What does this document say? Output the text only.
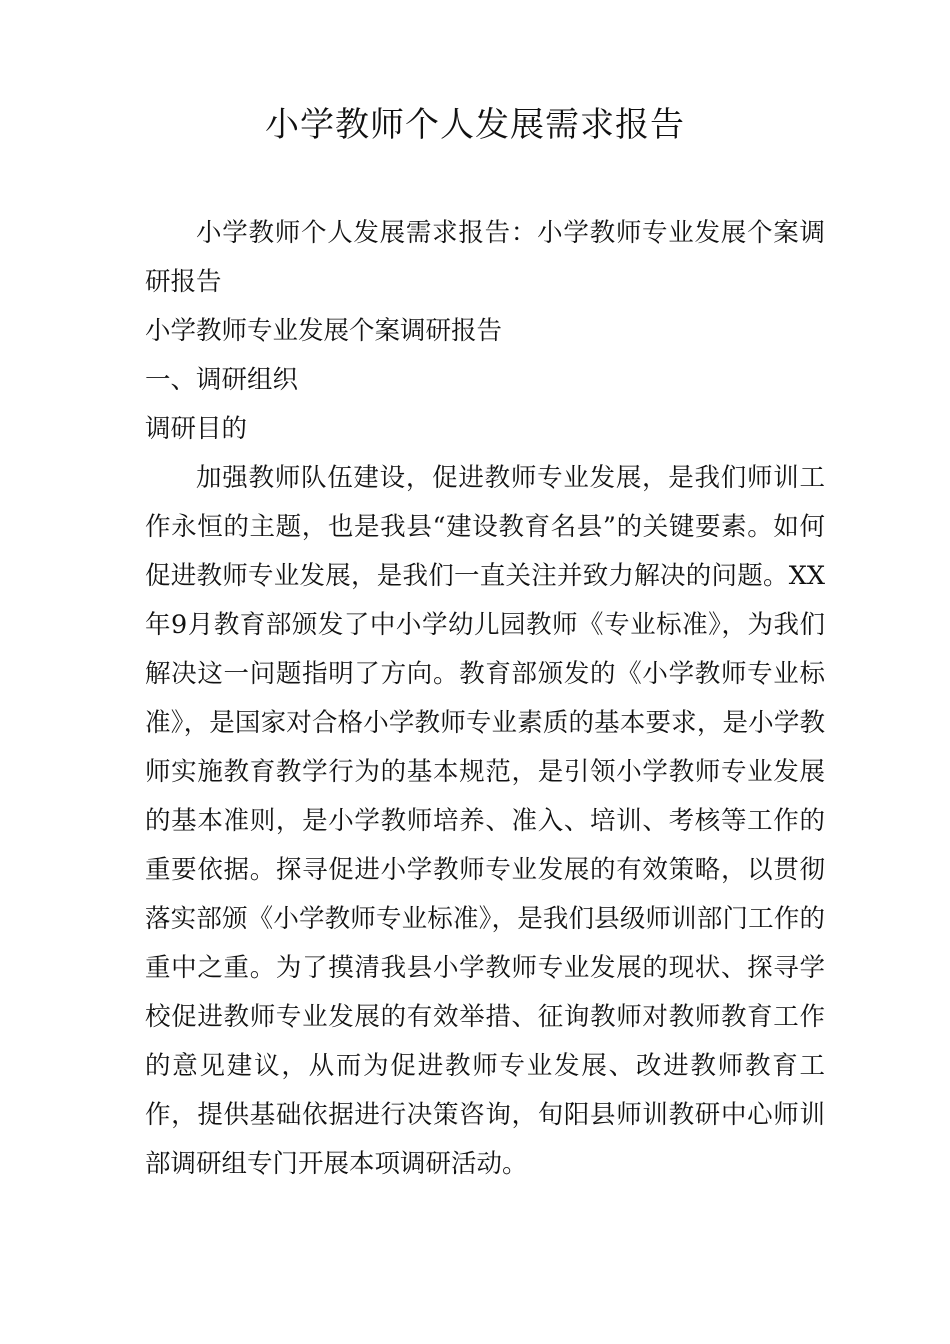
小学教师个人发展需求报告

小学教师个人发展需求报告：小学教师专业发展个案调研报告

小学教师专业发展个案调研报告

一、调研组织

调研目的

加强教师队伍建设，促进教师专业发展，是我们师训工作永恒的主题，也是我县“建设教育名县”的关键要素。如何促进教师专业发展，是我们一直关注并致力解决的问题。XX年9月教育部颁发了中小学幼儿园教师《专业标准》，为我们解决这一问题指明了方向。教育部颁发的《小学教师专业标准》，是国家对合格小学教师专业素质的基本要求，是小学教师实施教育教学行为的基本规范，是引领小学教师专业发展的基本准则，是小学教师培养、准入、培训、考核等工作的重要依据。探寻促进小学教师专业发展的有效策略，以贯彻落实部颁《小学教师专业标准》，是我们县级师训部门工作的重中之重。为了摸清我县小学教师专业发展的现状、探寻学校促进教师专业发展的有效举措、征询教师对教师教育工作的意见建议，从而为促进教师专业发展、改进教师教育工作，提供基础依据进行决策咨询，旬阳县师训教研中心师训部调研组专门开展本项调研活动。
